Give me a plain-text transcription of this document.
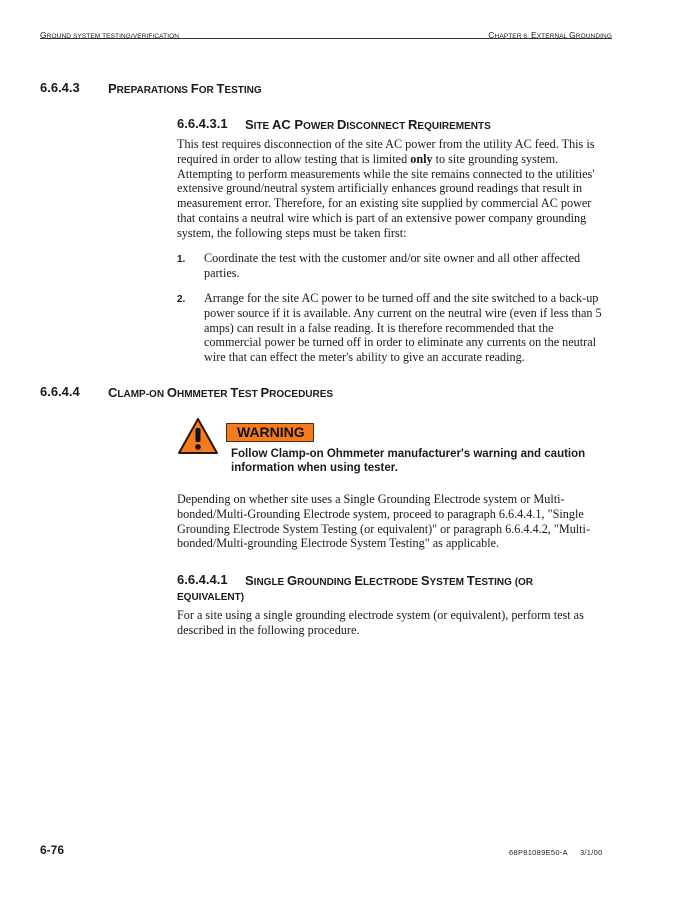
GROUND SYSTEM TESTING/VERIFICATION	CHAPTER 6: EXTERNAL GROUNDING
6.6.4.3 PREPARATIONS FOR TESTING
6.6.4.3.1 SITE AC POWER DISCONNECT REQUIREMENTS
This test requires disconnection of the site AC power from the utility AC feed. This is
required in order to allow testing that is limited only to site grounding system.
Attempting to perform measurements while the site remains connected to the utilities'
extensive ground/neutral system artificially enhances ground readings that result in
measurement error. Therefore, for an existing site supplied by commercial AC power
that contains a neutral wire which is part of an extensive power company grounding
system, the following steps must be taken first:
1. Coordinate the test with the customer and/or site owner and all other affected
parties.
2. Arrange for the site AC power to be turned off and the site switched to a back-up
power source if it is available. Any current on the neutral wire (even if less than 5
amps) can result in a false reading. It is therefore recommended that the
commercial power be turned off in order to eliminate any currents on the neutral
wire that can effect the meter's ability to give an accurate reading.
6.6.4.4 CLAMP-ON OHMMETER TEST PROCEDURES
WARNING
Follow Clamp-on Ohmmeter manufacturer's warning and caution
information when using tester.
Depending on whether site uses a Single Grounding Electrode system or Multi-
bonded/Multi-Grounding Electrode system, proceed to paragraph 6.6.4.4.1, "Single
Grounding Electrode System Testing (or equivalent)" or paragraph 6.6.4.4.2, "Multi-
bonded/Multi-grounding Electrode System Testing" as applicable.
6.6.4.4.1 SINGLE GROUNDING ELECTRODE SYSTEM TESTING (OR
EQUIVALENT)
For a site using a single grounding electrode system (or equivalent), perform test as
described in the following procedure.
6-76	68P81089E50-A 3/1/00
